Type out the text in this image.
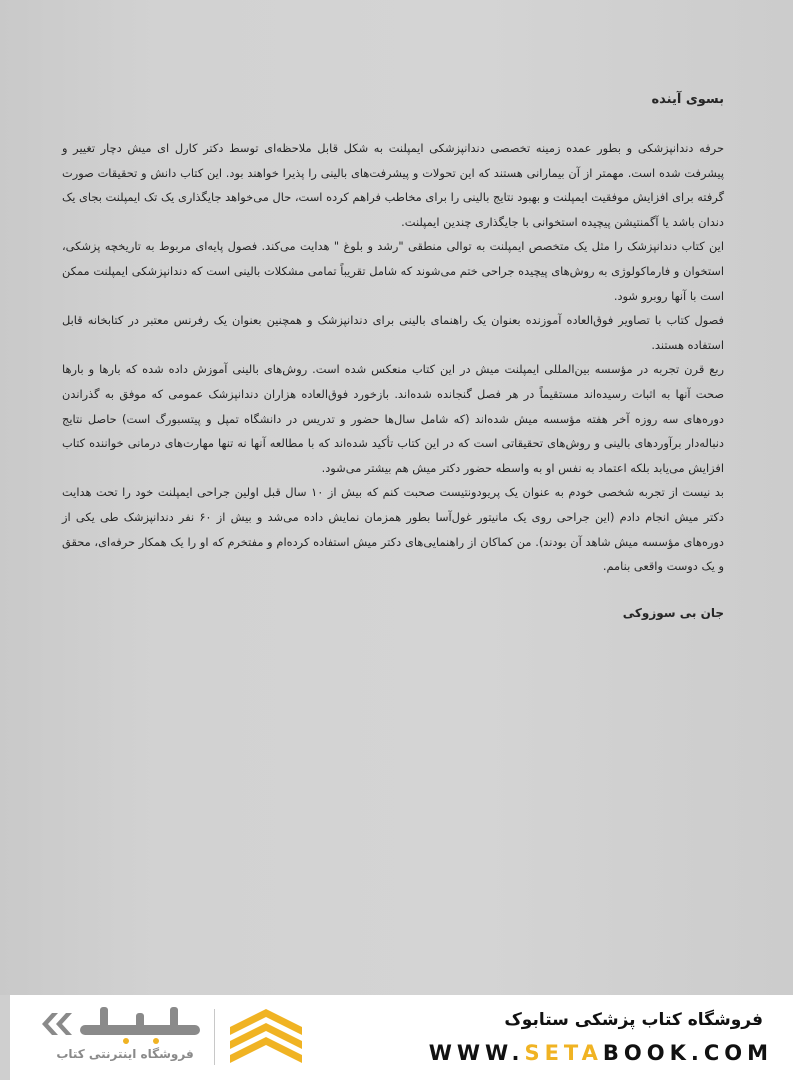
بسوی آینده

حرفه دندانپزشکی و بطور عمده زمینه تخصصی دندانپزشکی ایمپلنت به شکل قابل ملاحظه‌ای توسط دکتر کارل ای میش دچار تغییر و پیشرفت شده است. مهمتر از آن بیمارانی هستند که این تحولات و پیشرفت‌های بالینی را پذیرا خواهند بود. این کتاب دانش و تحقیقات صورت گرفته برای افزایش موفقیت ایمپلنت و بهبود نتایج بالینی را برای مخاطب فراهم کرده است، حال می‌خواهد جایگذاری یک تک ایمپلنت بجای یک دندان باشد یا آگمنتیشن پیچیده استخوانی با جایگذاری چندین ایمپلنت.

این کتاب دندانپزشک را مثل یک متخصص ایمپلنت به توالی منطقی "رشد و بلوغ " هدایت می‌کند. فصول پایه‌ای مربوط به تاریخچه پزشکی، استخوان و فارماکولوژی به روش‌های پیچیده جراحی ختم می‌شوند که شامل تقریباً تمامی مشکلات بالینی است که دندانپزشکی ایمپلنت ممکن است با آنها روبرو شود.

فصول کتاب با تصاویر فوق‌العاده آموزنده بعنوان یک راهنمای بالینی برای دندانپزشک و همچنین بعنوان یک رفرنس معتبر در کتابخانه قابل استفاده هستند.

ربع قرن تجربه در مؤسسه بین‌المللی ایمپلنت میش در این کتاب منعکس شده است. روش‌های بالینی آموزش داده شده که بارها و بارها صحت آنها به اثبات رسیده‌اند مستقیماً در هر فصل گنجانده شده‌اند. بازخورد فوق‌العاده هزاران دندانپزشک عمومی که موفق به گذراندن دوره‌های سه روزه آخر هفته مؤسسه میش شده‌اند (که شامل سال‌ها حضور و تدریس در دانشگاه تمپل و پیتسبورگ است) حاصل نتایج دنباله‌دار برآوردهای بالینی و روش‌های تحقیقاتی است که در این کتاب تأکید شده‌اند که با مطالعه آنها نه تنها مهارت‌های درمانی خواننده کتاب افزایش می‌یابد بلکه اعتماد به نفس او به واسطه حضور دکتر میش هم بیشتر می‌شود.

بد نیست از تجربه شخصی خودم به عنوان یک پریودونتیست صحبت کنم که بیش از ۱۰ سال قبل اولین جراحی ایمپلنت خود را تحت هدایت دکتر میش انجام دادم (این جراحی روی یک مانیتور غول‌آسا بطور همزمان نمایش داده می‌شد و بیش از ۶۰ نفر دندانپزشک طی یکی از دوره‌های مؤسسه میش شاهد آن بودند). من کماکان از راهنمایی‌های دکتر میش استفاده کرده‌ام و مفتخرم که او را یک همکار حرفه‌ای، محقق و یک دوست واقعی بنامم.

جان بی سوزوکی
فروشگاه کتاب پزشکی ستابوک
WWW.SETABOOK.COM
فروشگاه اینترنتی کتاب
